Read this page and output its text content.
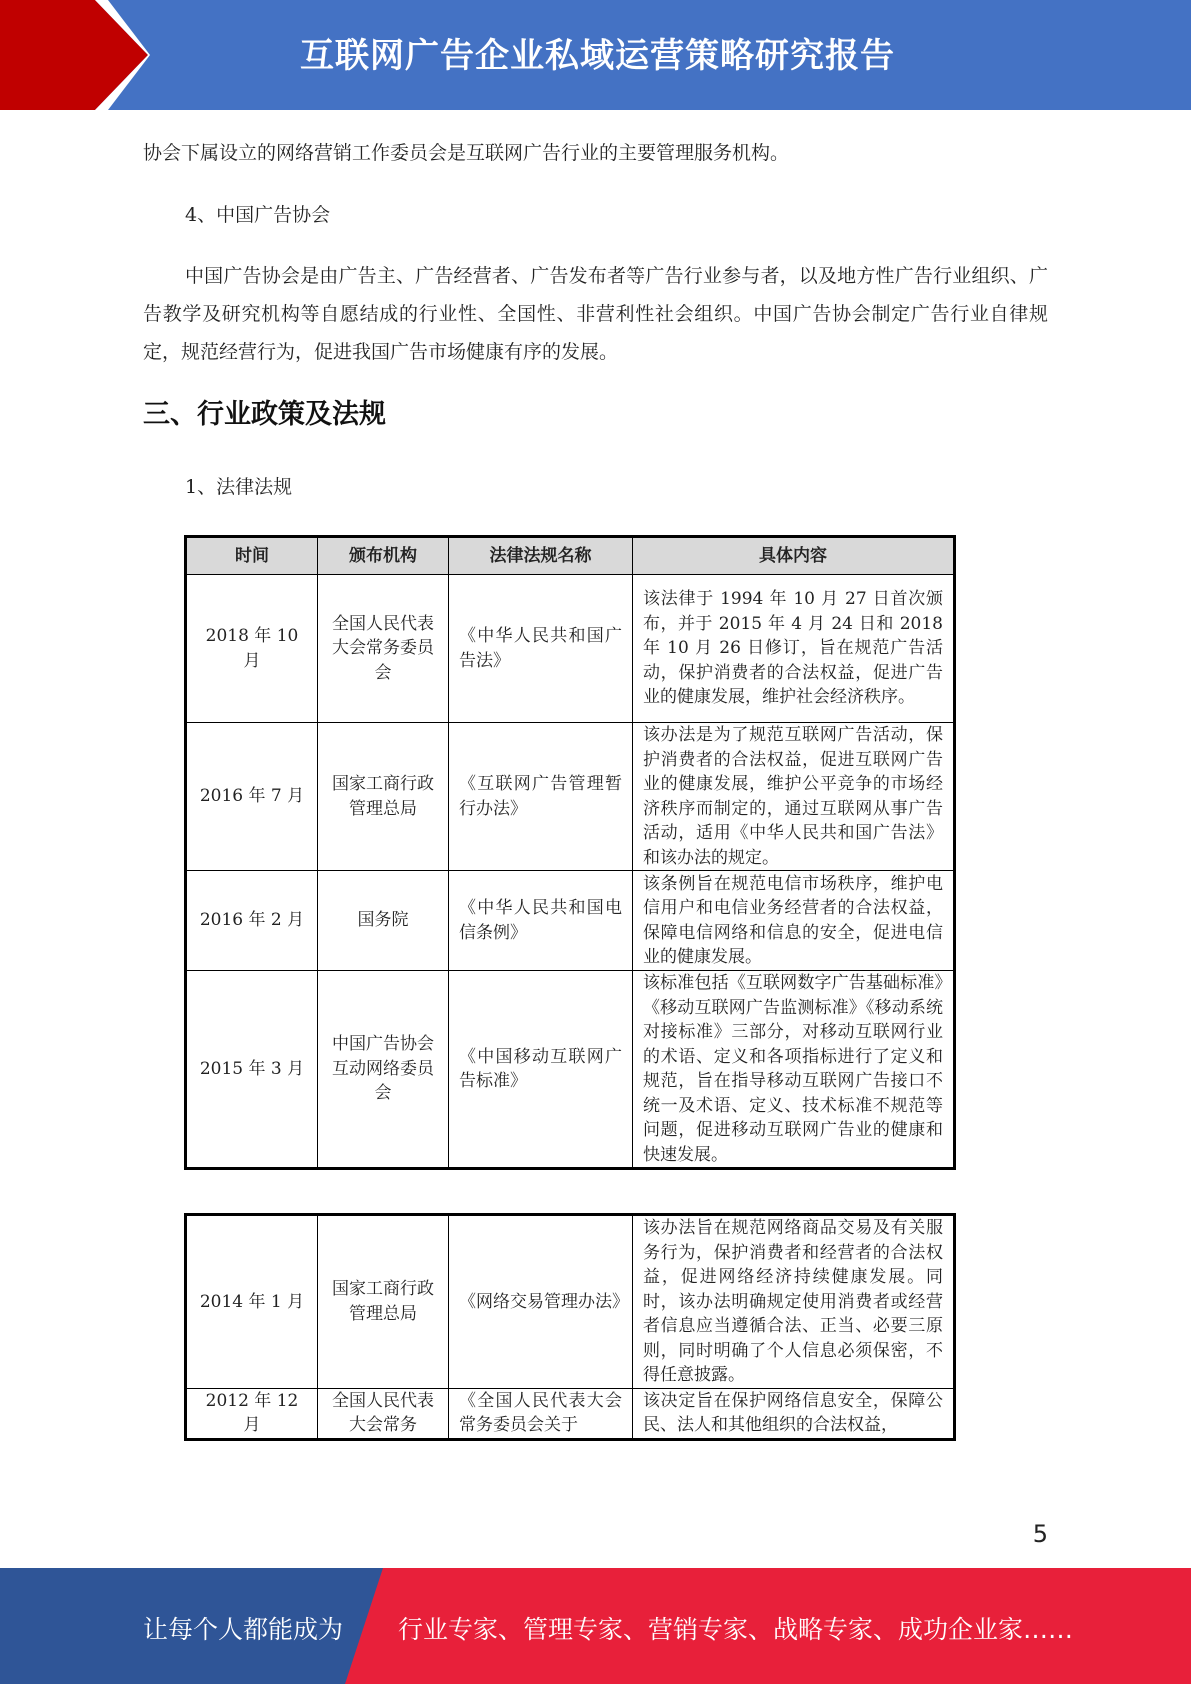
互联网广告企业私域运营策略研究报告

协会下属设立的网络营销工作委员会是互联网广告行业的主要管理服务机构。

4、中国广告协会

中国广告协会是由广告主、广告经营者、广告发布者等广告行业参与者，以及地方性广告行业组织、广告教学及研究机构等自愿结成的行业性、全国性、非营利性社会组织。中国广告协会制定广告行业自律规定，规范经营行为，促进我国广告市场健康有序的发展。

三、行业政策及法规

1、法律法规

时间	颁布机构	法律法规名称	具体内容
2018 年 10 月	全国人民代表大会常务委员会	《中华人民共和国广告法》	该法律于 1994 年 10 月 27 日首次颁布，并于 2015 年 4 月 24 日和 2018 年 10 月 26 日修订，旨在规范广告活动，保护消费者的合法权益，促进广告业的健康发展，维护社会经济秩序。
2016 年 7 月	国家工商行政管理总局	《互联网广告管理暂行办法》	该办法是为了规范互联网广告活动，保护消费者的合法权益，促进互联网广告业的健康发展，维护公平竞争的市场经济秩序而制定的，通过互联网从事广告活动，适用《中华人民共和国广告法》和该办法的规定。
2016 年 2 月	国务院	《中华人民共和国电信条例》	该条例旨在规范电信市场秩序，维护电信用户和电信业务经营者的合法权益，保障电信网络和信息的安全，促进电信业的健康发展。
2015 年 3 月	中国广告协会互动网络委员会	《中国移动互联网广告标准》	该标准包括《互联网数字广告基础标准》《移动互联网广告监测标准》《移动系统对接标准》三部分，对移动互联网行业的术语、定义和各项指标进行了定义和规范，旨在指导移动互联网广告接口不统一及术语、定义、技术标准不规范等问题，促进移动互联网广告业的健康和快速发展。
2014 年 1 月	国家工商行政管理总局	《网络交易管理办法》	该办法旨在规范网络商品交易及有关服务行为，保护消费者和经营者的合法权益，促进网络经济持续健康发展。同时，该办法明确规定使用消费者或经营者信息应当遵循合法、正当、必要三原则，同时明确了个人信息必须保密，不得任意披露。
2012 年 12 月	全国人民代表大会常务	《全国人民代表大会常务委员会关于	该决定旨在保护网络信息安全，保障公民、法人和其他组织的合法权益，
5
让每个人都能成为 行业专家、管理专家、营销专家、战略专家、成功企业家……
